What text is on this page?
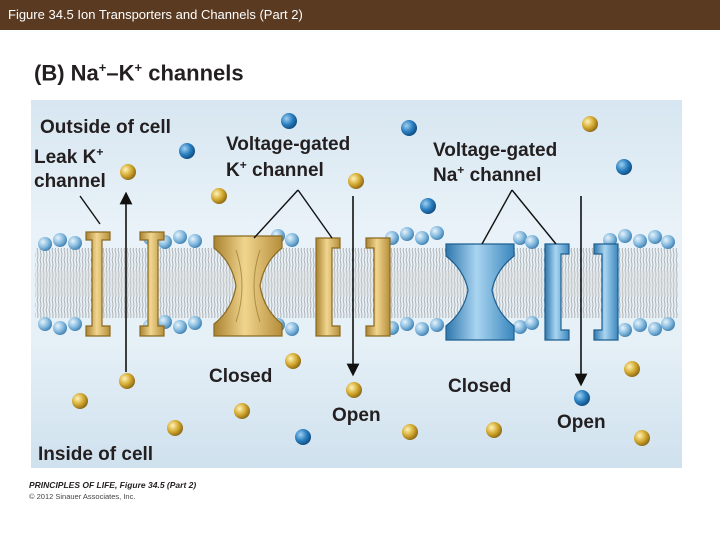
Figure 34.5 Ion Transporters and Channels (Part 2)
(B) Na+–K+ channels
Outside of cell
Leak K+
channel
Voltage-gated
K+ channel
Voltage-gated
Na+ channel
Closed
Open
Closed
Open
Inside of cell
PRINCIPLES OF LIFE, Figure 34.5 (Part 2)
© 2012 Sinauer Associates, Inc.
